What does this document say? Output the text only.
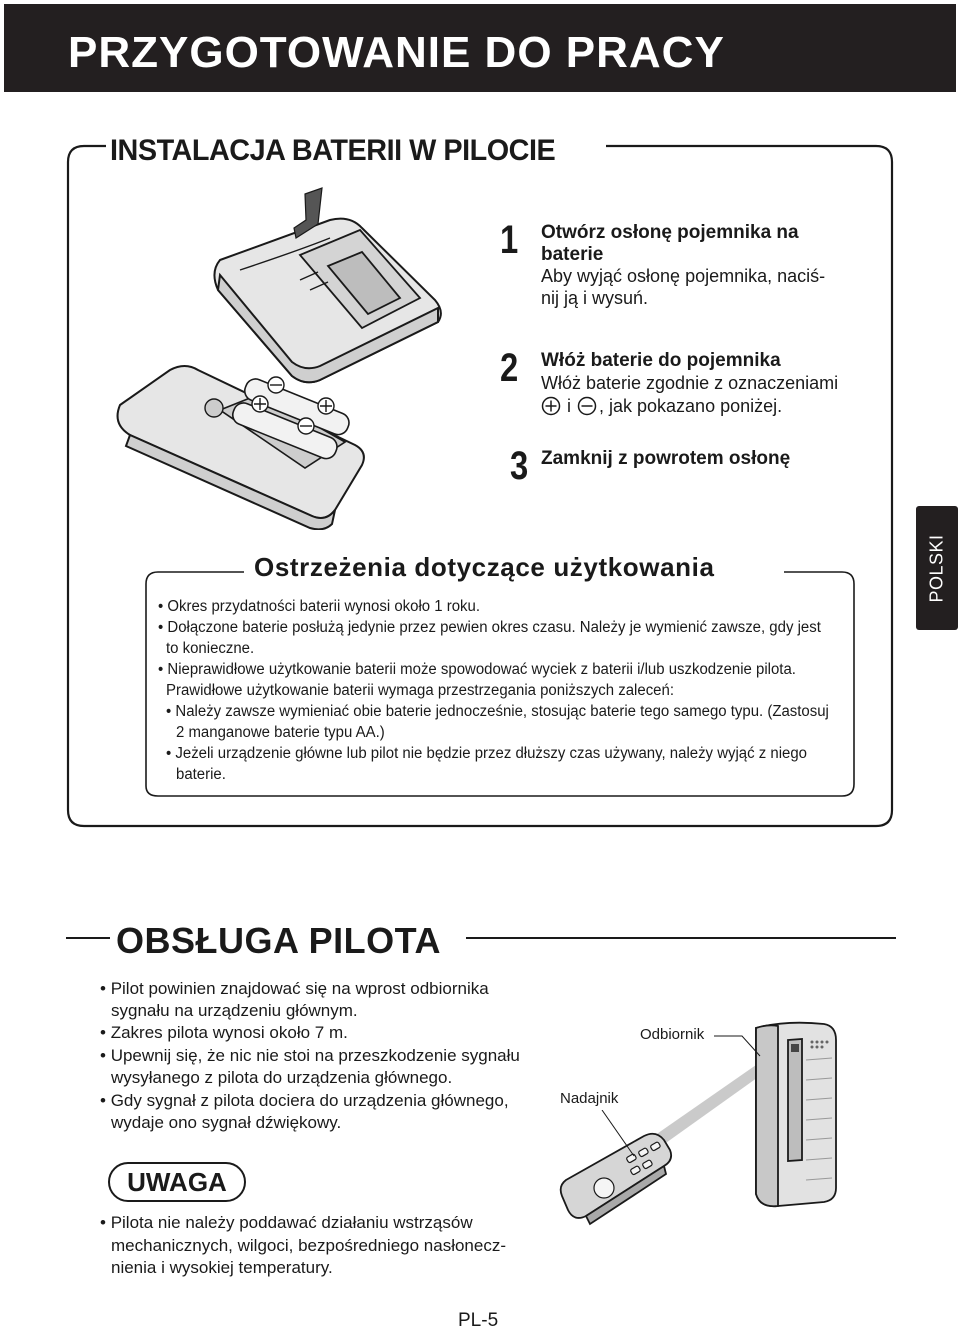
PRZYGOTOWANIE DO PRACY
POLSKI
INSTALACJA BATERII W PILOCIE
1 Otwórz osłonę pojemnika na
baterie
Aby wyjąć osłonę pojemnika, naciś-
nij ją i wysuń.
2 Włóż baterie do pojemnika
Włóż baterie zgodnie z oznaczeniami
i , jak pokazano poniżej.
3 Zamknij z powrotem osłonę
Ostrzeżenia dotyczące użytkowania
• Okres przydatności baterii wynosi około 1 roku.
• Dołączone baterie posłużą jedynie przez pewien okres czasu. Należy je wymienić zawsze, gdy jest
to konieczne.
• Nieprawidłowe użytkowanie baterii może spowodować wyciek z baterii i/lub uszkodzenie pilota.
Prawidłowe użytkowanie baterii wymaga przestrzegania poniższych zaleceń:
• Należy zawsze wymieniać obie baterie jednocześnie, stosując baterie tego samego typu. (Zastosuj
2 manganowe baterie typu AA.)
• Jeżeli urządzenie główne lub pilot nie będzie przez dłuższy czas używany, należy wyjąć z niego
baterie.
OBSŁUGA PILOTA
• Pilot powinien znajdować się na wprost odbiornika
sygnału na urządzeniu głównym.
• Zakres pilota wynosi około 7 m.
• Upewnij się, że nic nie stoi na przeszkodzenie sygnału
wysyłanego z pilota do urządzenia głównego.
• Gdy sygnał z pilota dociera do urządzenia głównego,
wydaje ono sygnał dźwiękowy.
Odbiornik
Nadajnik
UWAGA
• Pilota nie należy poddawać działaniu wstrząsów
mechanicznych, wilgoci, bezpośredniego nasłonecz-
nienia i wysokiej temperatury.
PL-5
